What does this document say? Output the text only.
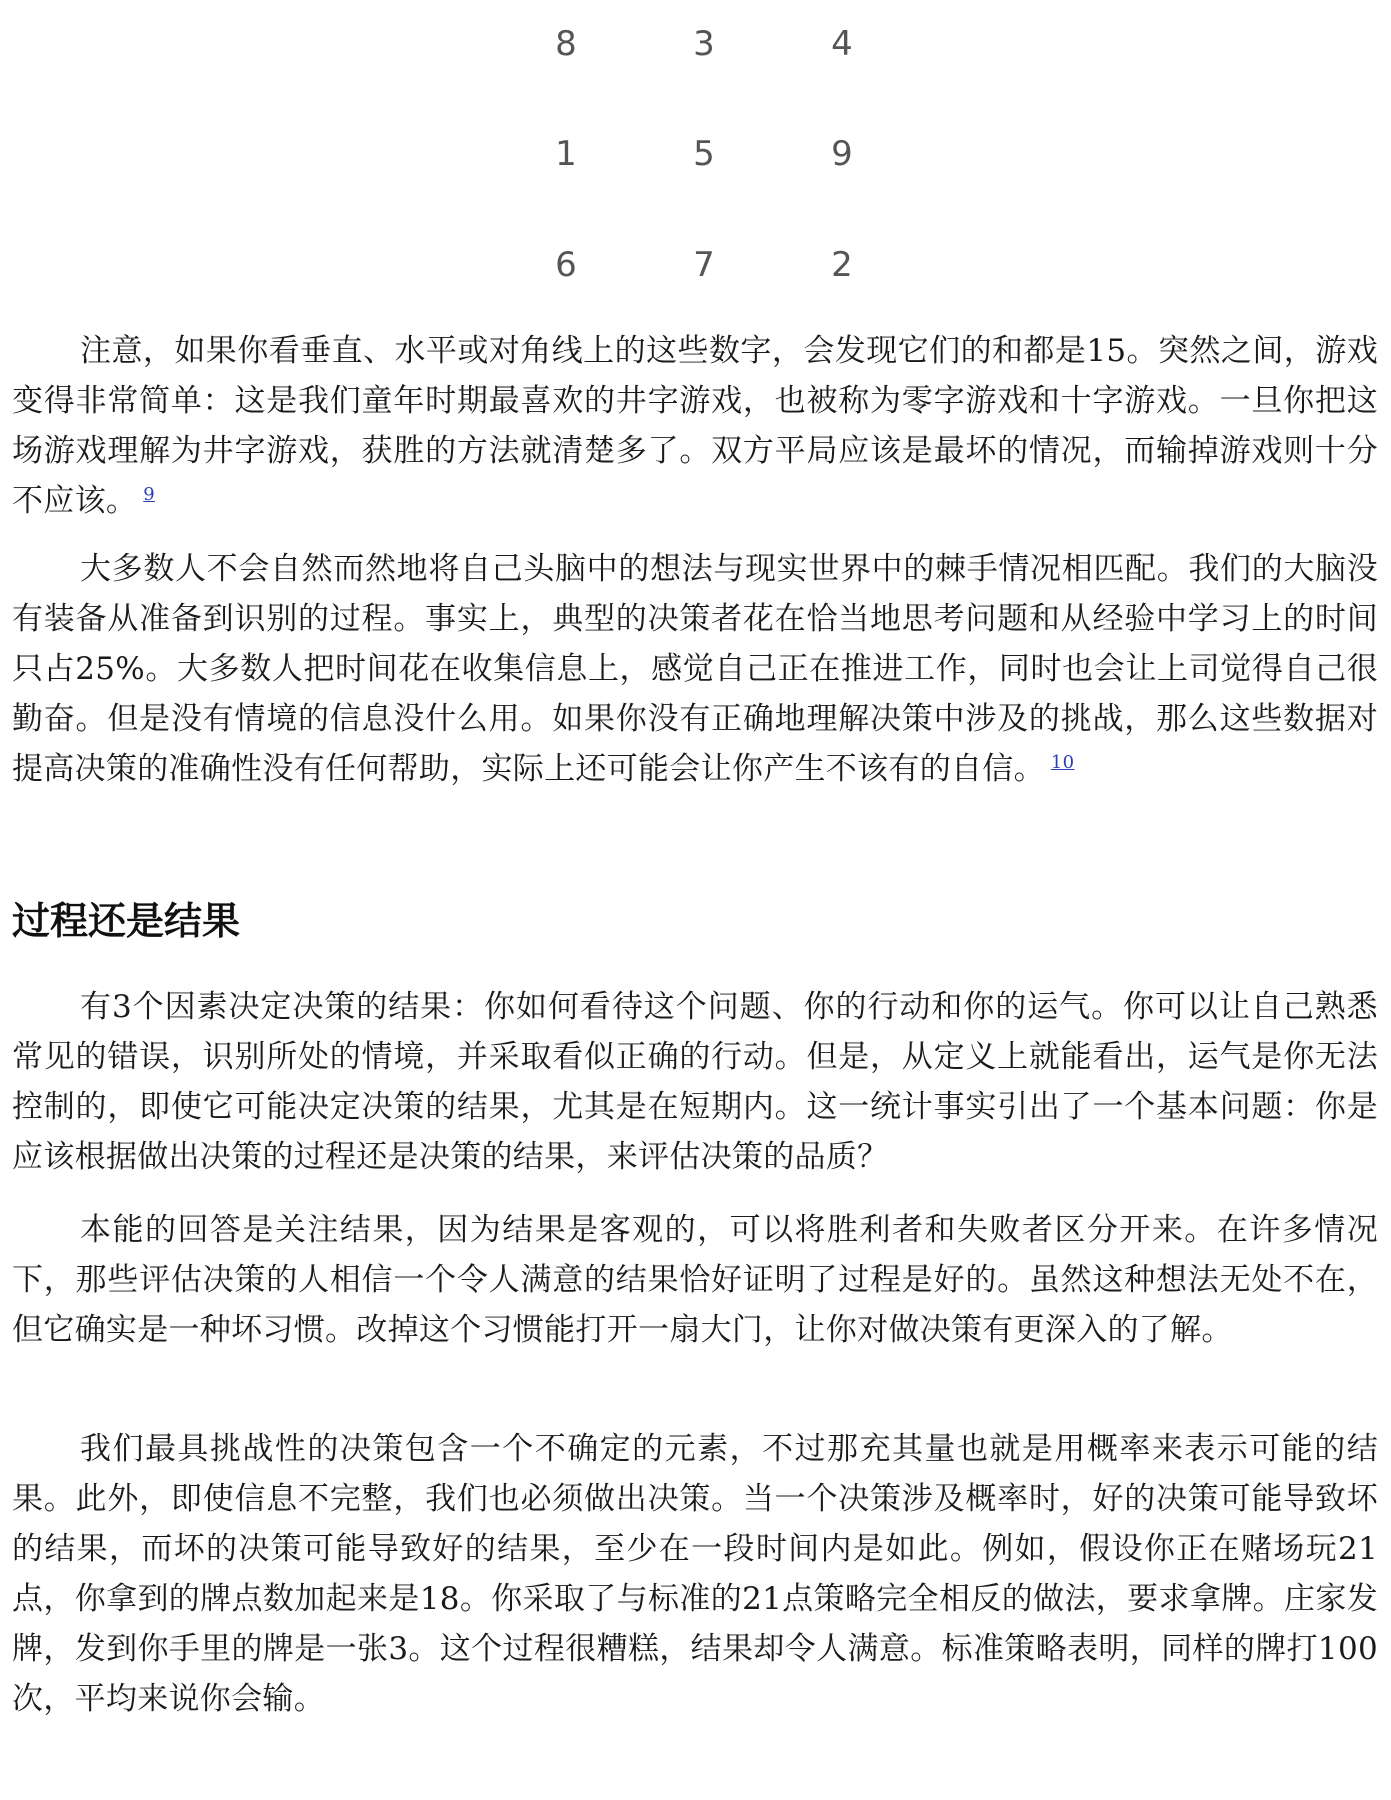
8	3	4
1	5	9
6	7	2

注意，如果你看垂直、水平或对角线上的这些数字，会发现它们的和都是15。突然之间，游戏变得非常简单：这是我们童年时期最喜欢的井字游戏，也被称为零字游戏和十字游戏。一旦你把这场游戏理解为井字游戏，获胜的方法就清楚多了。双方平局应该是最坏的情况，而输掉游戏则十分不应该。 $^9$

大多数人不会自然而然地将自己头脑中的想法与现实世界中的棘手情况相匹配。我们的大脑没有装备从准备到识别的过程。事实上，典型的决策者花在恰当地思考问题和从经验中学习上的时间只占25%。大多数人把时间花在收集信息上，感觉自己正在推进工作，同时也会让上司觉得自己很勤奋。但是没有情境的信息没什么用。如果你没有正确地理解决策中涉及的挑战，那么这些数据对提高决策的准确性没有任何帮助，实际上还可能会让你产生不该有的自信。 $^{10}$

过程还是结果

有3个因素决定决策的结果：你如何看待这个问题、你的行动和你的运气。你可以让自己熟悉常见的错误，识别所处的情境，并采取看似正确的行动。但是，从定义上就能看出，运气是你无法控制的，即使它可能决定决策的结果，尤其是在短期内。这一统计事实引出了一个基本问题：你是应该根据做出决策的过程还是决策的结果，来评估决策的品质？

本能的回答是关注结果，因为结果是客观的，可以将胜利者和失败者区分开来。在许多情况下，那些评估决策的人相信一个令人满意的结果恰好证明了过程是好的。虽然这种想法无处不在，但它确实是一种坏习惯。改掉这个习惯能打开一扇大门，让你对做决策有更深入的了解。

我们最具挑战性的决策包含一个不确定的元素，不过那充其量也就是用概率来表示可能的结果。此外，即使信息不完整，我们也必须做出决策。当一个决策涉及概率时，好的决策可能导致坏的结果，而坏的决策可能导致好的结果，至少在一段时间内是如此。例如，假设你正在赌场玩21点，你拿到的牌点数加起来是18。你采取了与标准的21点策略完全相反的做法，要求拿牌。庄家发牌，发到你手里的牌是一张3。这个过程很糟糕，结果却令人满意。标准策略表明，同样的牌打100次，平均来说你会输。
